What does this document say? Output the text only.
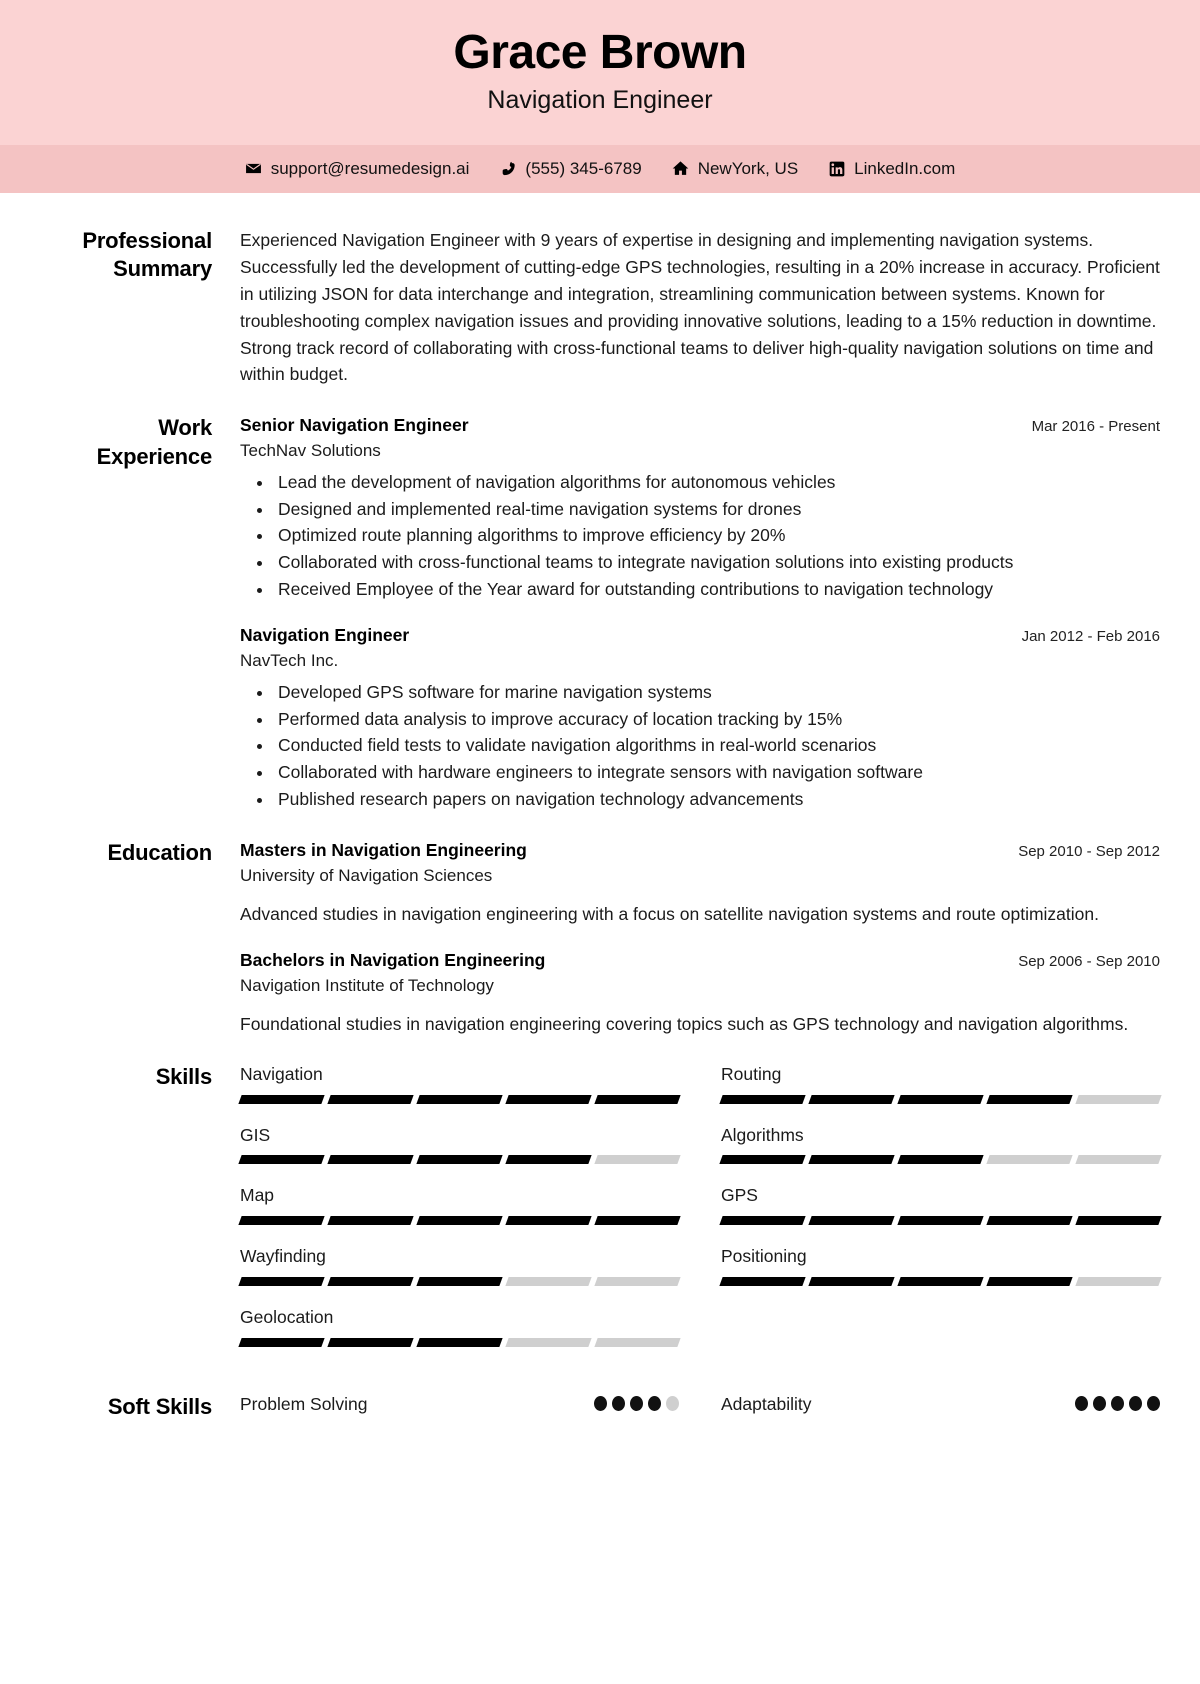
Grace Brown
Navigation Engineer
support@resumedesign.ai	(555) 345-6789	NewYork, US	LinkedIn.com
Professional Summary
Experienced Navigation Engineer with 9 years of expertise in designing and implementing navigation systems. Successfully led the development of cutting-edge GPS technologies, resulting in a 20% increase in accuracy. Proficient in utilizing JSON for data interchange and integration, streamlining communication between systems. Known for troubleshooting complex navigation issues and providing innovative solutions, leading to a 15% reduction in downtime. Strong track record of collaborating with cross-functional teams to deliver high-quality navigation solutions on time and within budget.
Work Experience
Senior Navigation Engineer	Mar 2016 - Present
TechNav Solutions
• Lead the development of navigation algorithms for autonomous vehicles
• Designed and implemented real-time navigation systems for drones
• Optimized route planning algorithms to improve efficiency by 20%
• Collaborated with cross-functional teams to integrate navigation solutions into existing products
• Received Employee of the Year award for outstanding contributions to navigation technology
Navigation Engineer	Jan 2012 - Feb 2016
NavTech Inc.
• Developed GPS software for marine navigation systems
• Performed data analysis to improve accuracy of location tracking by 15%
• Conducted field tests to validate navigation algorithms in real-world scenarios
• Collaborated with hardware engineers to integrate sensors with navigation software
• Published research papers on navigation technology advancements
Education	Masters in Navigation Engineering	Sep 2010 - Sep 2012
University of Navigation Sciences
Advanced studies in navigation engineering with a focus on satellite navigation systems and route optimization.
Bachelors in Navigation Engineering	Sep 2006 - Sep 2010
Navigation Institute of Technology
Foundational studies in navigation engineering covering topics such as GPS technology and navigation algorithms.
Skills	Navigation	Routing
GIS	Algorithms
Map	GPS
Wayfinding	Positioning
Geolocation
Soft Skills	Problem Solving	Adaptability
